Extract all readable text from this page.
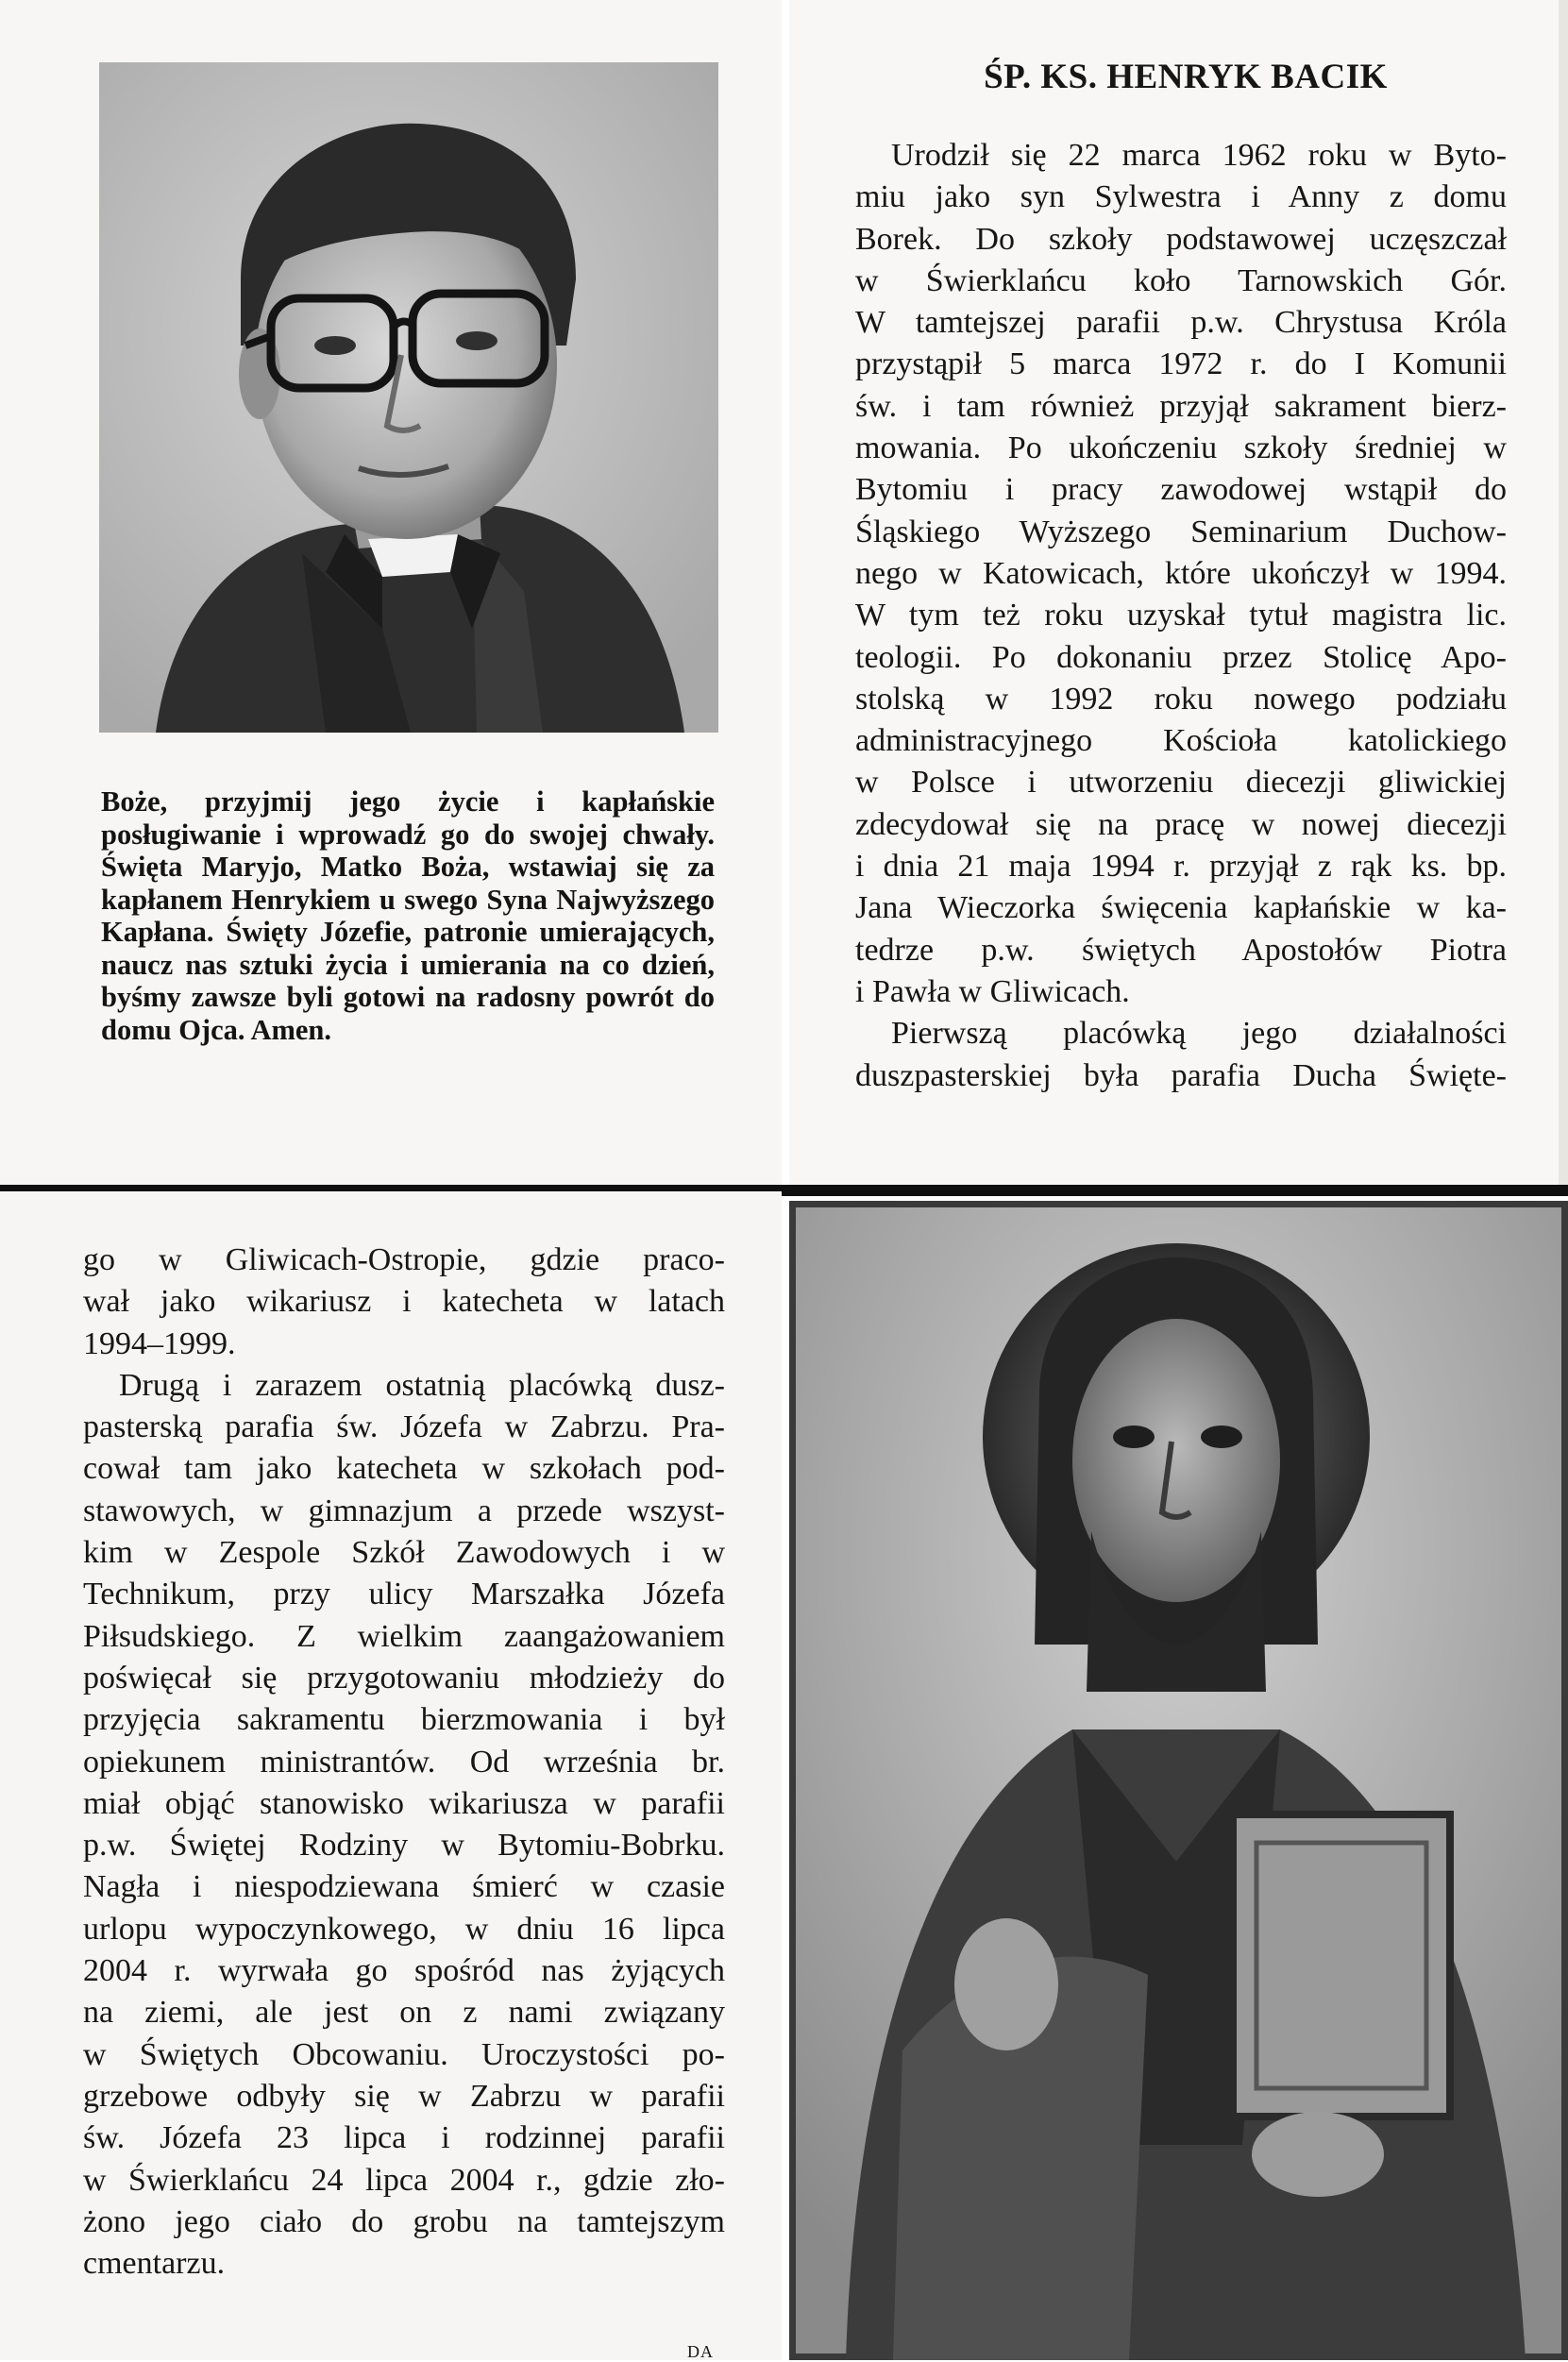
Boże, przyjmij jego życie i kapłańskie posługiwanie i wprowadź go do swojej chwały. Święta Maryjo, Matko Boża, wstawiaj się za kapłanem Henrykiem u swego Syna Najwyższego Kapłana. Święty Józefie, patronie umierających, naucz nas sztuki życia i umierania na co dzień, byśmy zawsze byli gotowi na radosny powrót do domu Ojca. Amen.

ŚP. KS. HENRYK BACIK
Urodził się 22 marca 1962 roku w Byto-
miu jako syn Sylwestra i Anny z domu
Borek. Do szkoły podstawowej uczęszczał
w Świerklańcu koło Tarnowskich Gór.
W tamtejszej parafii p.w. Chrystusa Króla
przystąpił 5 marca 1972 r. do I Komunii
św. i tam również przyjął sakrament bierz-
mowania. Po ukończeniu szkoły średniej w
Bytomiu i pracy zawodowej wstąpił do
Śląskiego Wyższego Seminarium Duchow-
nego w Katowicach, które ukończył w 1994.
W tym też roku uzyskał tytuł magistra lic.
teologii. Po dokonaniu przez Stolicę Apo-
stolską w 1992 roku nowego podziału
administracyjnego Kościoła katolickiego
w Polsce i utworzeniu diecezji gliwickiej
zdecydował się na pracę w nowej diecezji
i dnia 21 maja 1994 r. przyjął z rąk ks. bp.
Jana Wieczorka święcenia kapłańskie w ka-
tedrze p.w. świętych Apostołów Piotra
i Pawła w Gliwicach.
Pierwszą placówką jego działalności
duszpasterskiej była parafia Ducha Święte-
go w Gliwicach-Ostropie, gdzie praco-
wał jako wikariusz i katecheta w latach
1994–1999.
Drugą i zarazem ostatnią placówką dusz-
pasterską parafia św. Józefa w Zabrzu. Pra-
cował tam jako katecheta w szkołach pod-
stawowych, w gimnazjum a przede wszyst-
kim w Zespole Szkół Zawodowych i w
Technikum, przy ulicy Marszałka Józefa
Piłsudskiego. Z wielkim zaangażowaniem
poświęcał się przygotowaniu młodzieży do
przyjęcia sakramentu bierzmowania i był
opiekunem ministrantów. Od września br.
miał objąć stanowisko wikariusza w parafii
p.w. Świętej Rodziny w Bytomiu-Bobrku.
Nagła i niespodziewana śmierć w czasie
urlopu wypoczynkowego, w dniu 16 lipca
2004 r. wyrwała go spośród nas żyjących
na ziemi, ale jest on z nami związany
w Świętych Obcowaniu. Uroczystości po-
grzebowe odbyły się w Zabrzu w parafii
św. Józefa 23 lipca i rodzinnej parafii
w Świerklańcu 24 lipca 2004 r., gdzie zło-
żono jego ciało do grobu na tamtejszym
cmentarzu.

DA
